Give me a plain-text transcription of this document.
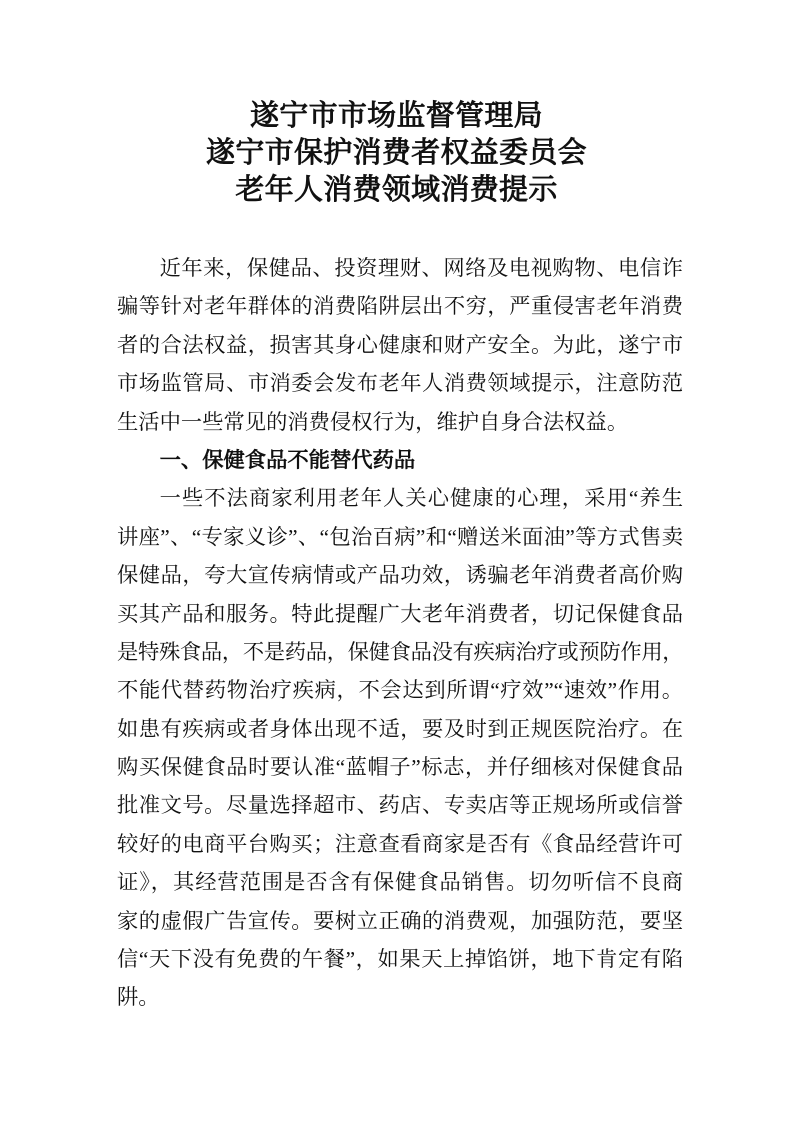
遂宁市市场监督管理局
遂宁市保护消费者权益委员会
老年人消费领域消费提示
近年来，保健品、投资理财、网络及电视购物、电信诈
骗等针对老年群体的消费陷阱层出不穷，严重侵害老年消费
者的合法权益，损害其身心健康和财产安全。为此，遂宁市
市场监管局、市消委会发布老年人消费领域提示，注意防范
生活中一些常见的消费侵权行为，维护自身合法权益。
一、保健食品不能替代药品
一些不法商家利用老年人关心健康的心理，采用“养生
讲座”、“专家义诊”、“包治百病”和“赠送米面油”等方式售卖
保健品，夸大宣传病情或产品功效，诱骗老年消费者高价购
买其产品和服务。特此提醒广大老年消费者，切记保健食品
是特殊食品，不是药品，保健食品没有疾病治疗或预防作用，
不能代替药物治疗疾病，不会达到所谓“疗效”“速效”作用。
如患有疾病或者身体出现不适，要及时到正规医院治疗。在
购买保健食品时要认准“蓝帽子”标志，并仔细核对保健食品
批准文号。尽量选择超市、药店、专卖店等正规场所或信誉
较好的电商平台购买；注意查看商家是否有《食品经营许可
证》，其经营范围是否含有保健食品销售。切勿听信不良商
家的虚假广告宣传。要树立正确的消费观，加强防范，要坚
信“天下没有免费的午餐”，如果天上掉馅饼，地下肯定有陷
阱。
